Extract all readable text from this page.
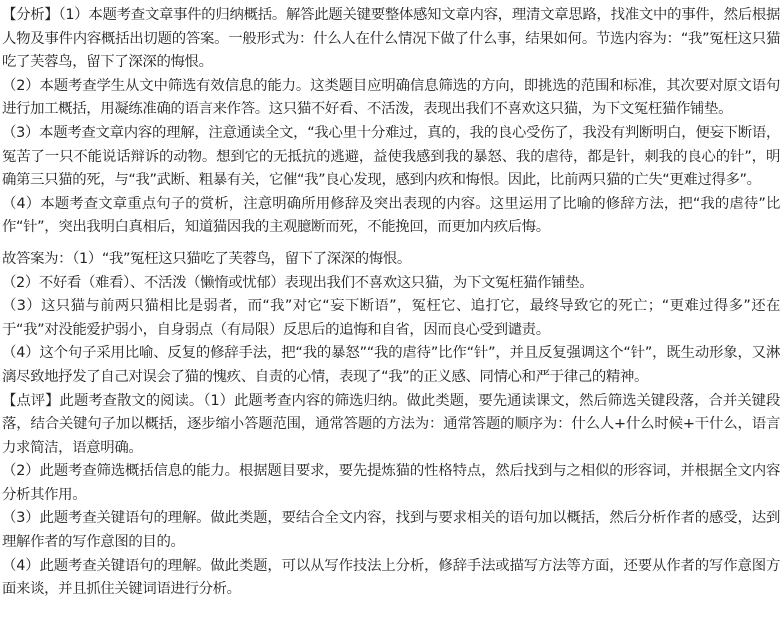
【分析】（1）本题考查文章事件的归纳概括。解答此题关键要整体感知文章内容，理清文章思路，找准文中的事件，然后根据人物及事件内容概括出切题的答案。一般形式为：什么人在什么情况下做了什么事，结果如何。节选内容为：“我”冤枉这只猫吃了芙蓉鸟，留下了深深的悔恨。

（2）本题考查学生从文中筛选有效信息的能力。这类题目应明确信息筛选的方向，即挑选的范围和标准，其次要对原文语句进行加工概括，用凝练准确的语言来作答。这只猫不好看、不活泼，表现出我们不喜欢这只猫，为下文冤枉猫作铺垫。

（3）本题考查文章内容的理解，注意通读全文，“我心里十分难过，真的，我的良心受伤了，我没有判断明白，便妄下断语，冤苦了一只不能说话辩诉的动物。想到它的无抵抗的逃避，益使我感到我的暴怒、我的虐待，都是针，刺我的良心的针”，明确第三只猫的死，与“我”武断、粗暴有关，它催“我”良心发现，感到内疚和悔恨。因此，比前两只猫的亡失“更难过得多”。

（4）本题考查文章重点句子的赏析，注意明确所用修辞及突出表现的内容。这里运用了比喻的修辞方法，把“我的虐待”比作“针”，突出我明白真相后，知道猫因我的主观臆断而死，不能挽回，而更加内疚后悔。

故答案为：（1）“我”冤枉这只猫吃了芙蓉鸟，留下了深深的悔恨。

（2）不好看（难看）、不活泼（懒惰或忧郁）表现出我们不喜欢这只猫，为下文冤枉猫作铺垫。

（3）这只猫与前两只猫相比是弱者，而“我”对它“妄下断语”，冤枉它、追打它，最终导致它的死亡；“更难过得多”还在于“我”对没能爱护弱小，自身弱点（有局限）反思后的追悔和自省，因而良心受到谴责。

（4）这个句子采用比喻、反复的修辞手法，把“我的暴怒”“我的虐待”比作“针”，并且反复强调这个“针”，既生动形象，又淋漓尽致地抒发了自己对误会了猫的愧疚、自责的心情，表现了“我”的正义感、同情心和严于律己的精神。

【点评】此题考查散文的阅读。（1）此题考查内容的筛选归纳。做此类题，要先通读课文，然后筛选关键段落，合并关键段落，结合关键句子加以概括，逐步缩小答题范围，通常答题的方法为：通常答题的顺序为：什么人+什么时候+干什么，语言力求简洁，语意明确。

（2）此题考查筛选概括信息的能力。根据题目要求，要先提炼猫的性格特点，然后找到与之相似的形容词，并根据全文内容分析其作用。

（3）此题考查关键语句的理解。做此类题，要结合全文内容，找到与要求相关的语句加以概括，然后分析作者的感受，达到理解作者的写作意图的目的。

（4）此题考查关键语句的理解。做此类题，可以从写作技法上分析，修辞手法或描写方法等方面，还要从作者的写作意图方面来谈，并且抓住关键词语进行分析。
